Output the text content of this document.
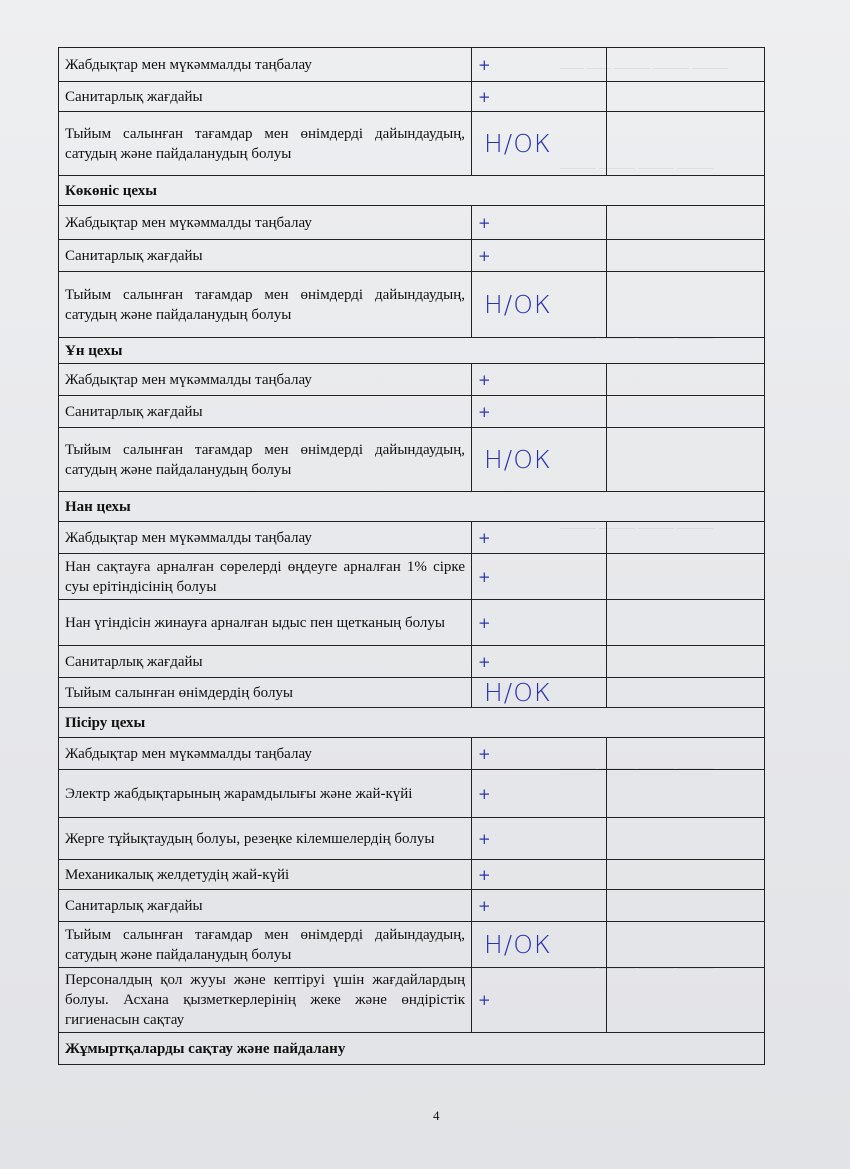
—— —— ——— ——— ———
——— ——— ——— ———
——— ——— ——— ———
——— ——— ——— ———
——— ——— ——— ———
——— ——— ——— ———
Жабдықтар мен мүкәммалды таңбалау	+	
Санитарлық жағдайы	+	
Тыйым салынған тағамдар мен өнімдерді дайындаудың, сатудың және пайдаланудың болуы	Н/ОК	
Көкөніс цехы		
Жабдықтар мен мүкәммалды таңбалау	+	
Санитарлық жағдайы	+	
Тыйым салынған тағамдар мен өнімдерді дайындаудың, сатудың және пайдаланудың болуы	Н/ОК	
Ұн цехы		
Жабдықтар мен мүкәммалды таңбалау	+	
Санитарлық жағдайы	+	
Тыйым салынған тағамдар мен өнімдерді дайындаудың, сатудың және пайдаланудың болуы	Н/ОК	
Нан цехы		
Жабдықтар мен мүкәммалды таңбалау	+	
Нан сақтауға арналған сөрелерді өңдеуге арналған 1% сірке суы ерітіндісінің болуы	+	
Нан үгіндісін жинауға арналған ыдыс пен щетканың болуы	+	
Санитарлық жағдайы	+	
Тыйым салынған өнімдердің болуы	Н/ОК	
Пісіру цехы		
Жабдықтар мен мүкәммалды таңбалау	+	
Электр жабдықтарының жарамдылығы және жай-күйі	+	
Жерге тұйықтаудың болуы, резеңке кілемшелердің болуы	+	
Механикалық желдетудің жай-күйі	+	
Санитарлық жағдайы	+	
Тыйым салынған тағамдар мен өнімдерді дайындаудың, сатудың және пайдаланудың болуы	Н/ОК	
Персоналдың қол жууы және кептіруі үшін жағдайлардың болуы. Асхана қызметкерлерінің жеке және өндірістік гигиенасын сақтау	+	
Жұмыртқаларды сақтау және пайдалану		
4
